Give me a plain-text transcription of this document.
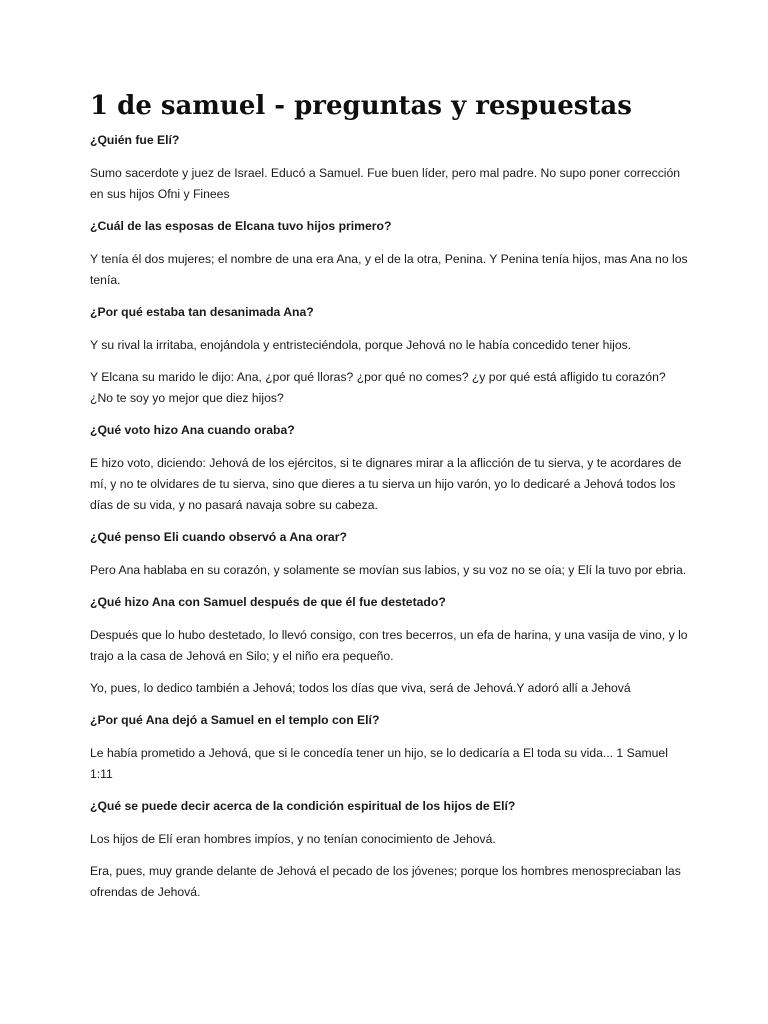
1 de samuel - preguntas y respuestas

¿Quién fue Elí?

Sumo sacerdote y juez de Israel. Educó a Samuel. Fue buen líder, pero mal padre. No supo poner corrección en sus hijos Ofni y Finees

¿Cuál de las esposas de Elcana tuvo hijos primero?

Y tenía él dos mujeres; el nombre de una era Ana, y el de la otra, Penina. Y Penina tenía hijos, mas Ana no los tenía.

¿Por qué estaba tan desanimada Ana?

Y su rival la irritaba, enojándola y entristeciéndola, porque Jehová no le había concedido tener hijos.

Y Elcana su marido le dijo: Ana, ¿por qué lloras? ¿por qué no comes? ¿y por qué está afligido tu corazón? ¿No te soy yo mejor que diez hijos?

¿Qué voto hizo Ana cuando oraba?

E hizo voto, diciendo: Jehová de los ejércitos, si te dignares mirar a la aflicción de tu sierva, y te acordares de mí, y no te olvidares de tu sierva, sino que dieres a tu sierva un hijo varón, yo lo dedicaré a Jehová todos los días de su vida, y no pasará navaja sobre su cabeza.

¿Qué penso Eli cuando observó a Ana orar?

Pero Ana hablaba en su corazón, y solamente se movían sus labios, y su voz no se oía; y Elí la tuvo por ebria.

¿Qué hizo Ana con Samuel después de que él fue destetado?

Después que lo hubo destetado, lo llevó consigo, con tres becerros, un efa de harina, y una vasija de vino, y lo trajo a la casa de Jehová en Silo; y el niño era pequeño.

Yo, pues, lo dedico también a Jehová; todos los días que viva, será de Jehová.Y adoró allí a Jehová

¿Por qué Ana dejó a Samuel en el templo con Elí?

Le había prometido a Jehová, que si le concedía tener un hijo, se lo dedicaría a El toda su vida... 1 Samuel 1:11

¿Qué se puede decir acerca de la condición espiritual de los hijos de Elí?

Los hijos de Elí eran hombres impíos, y no tenían conocimiento de Jehová.

Era, pues, muy grande delante de Jehová el pecado de los jóvenes; porque los hombres menospreciaban las ofrendas de Jehová.
